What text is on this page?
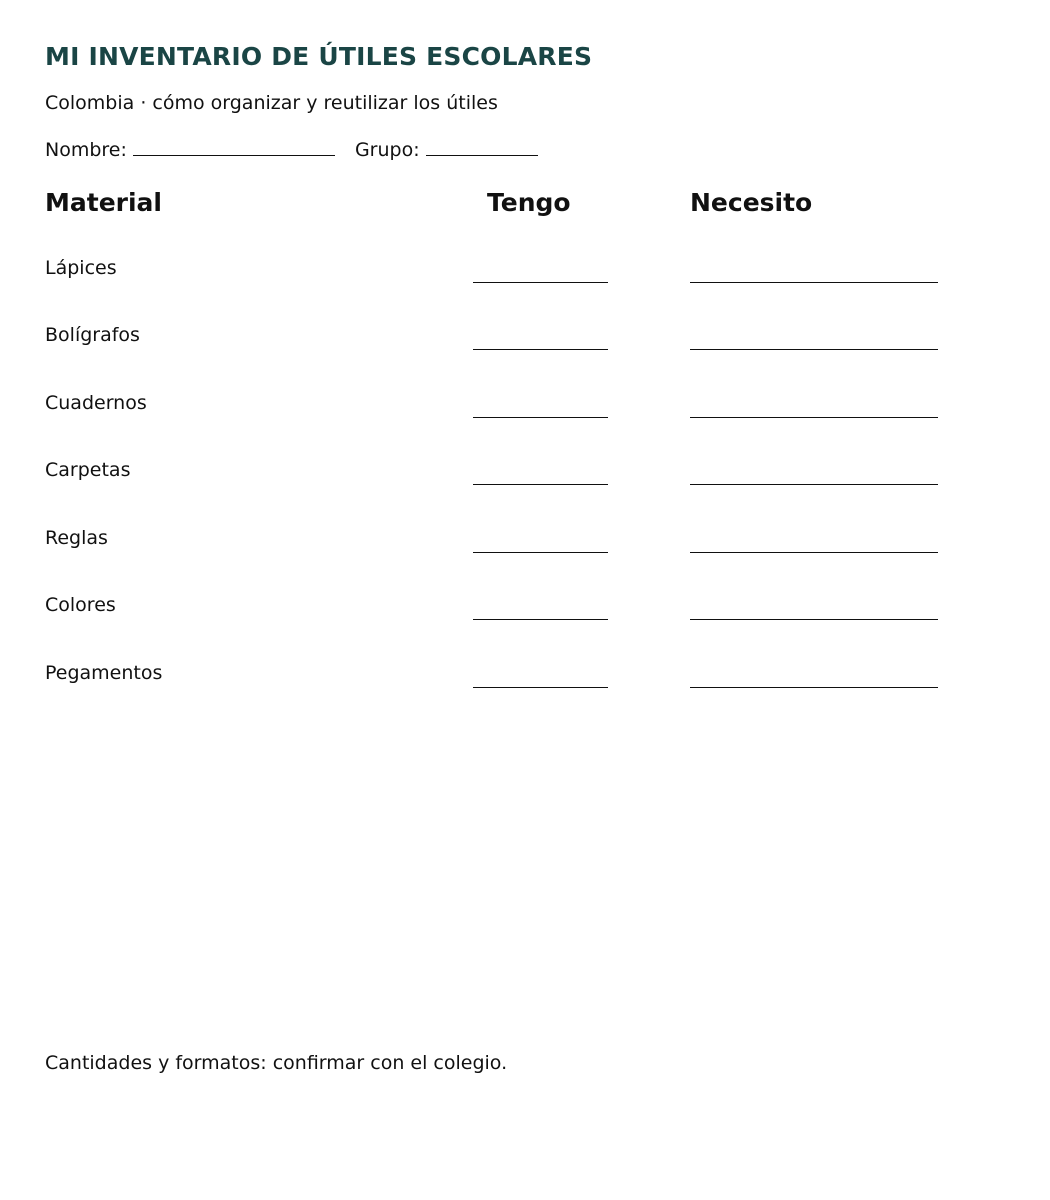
MI INVENTARIO DE ÚTILES ESCOLARES
Colombia · cómo organizar y reutilizar los útiles
Nombre:	Grupo:
Material	Tengo	Necesito
Lápices
Bolígrafos
Cuadernos
Carpetas
Reglas
Colores
Pegamentos
Cantidades y formatos: confirmar con el colegio.
